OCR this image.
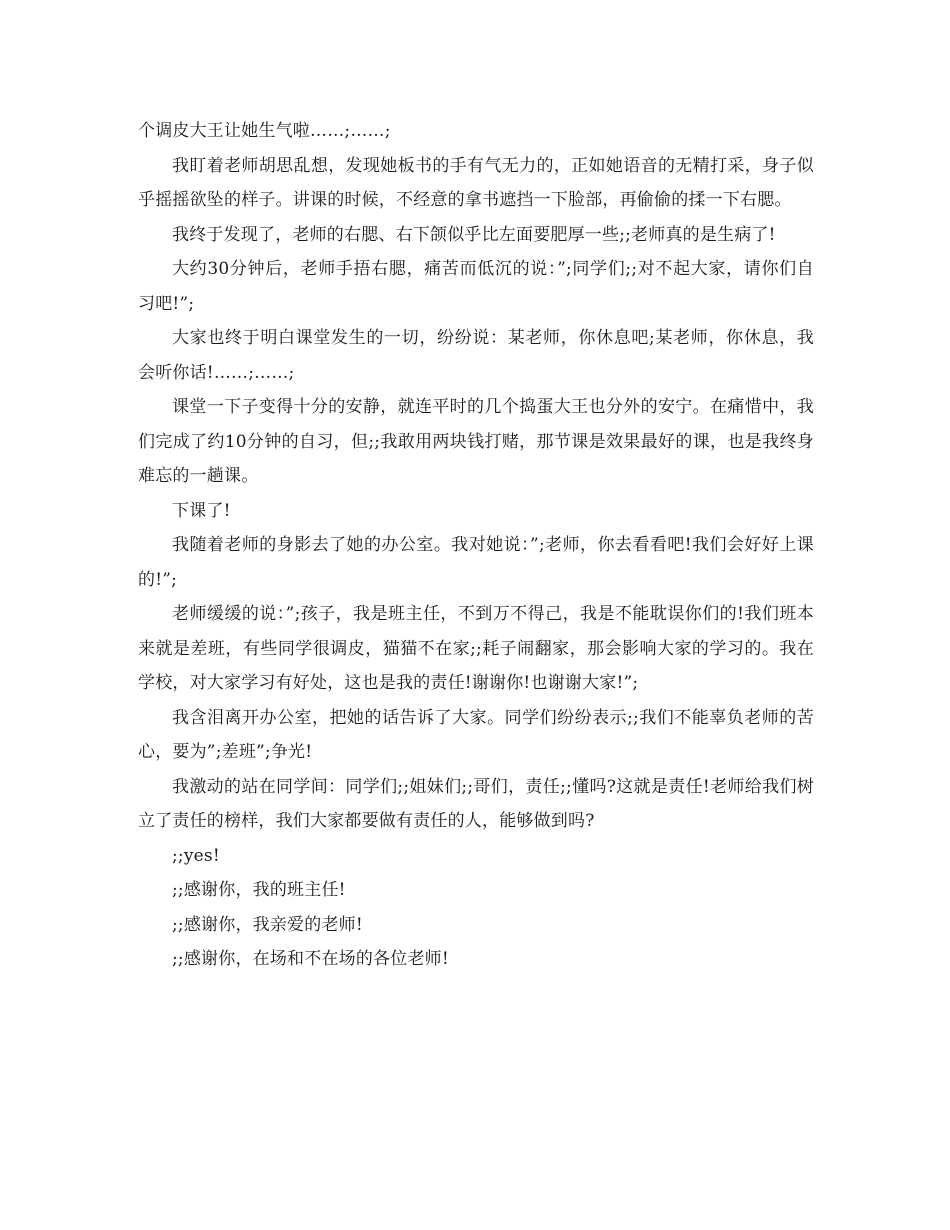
个调皮大王让她生气啦……;……;

我盯着老师胡思乱想，发现她板书的手有气无力的，正如她语音的无精打采，身子似乎摇摇欲坠的样子。讲课的时候，不经意的拿书遮挡一下脸部，再偷偷的揉一下右腮。

我终于发现了，老师的右腮、右下颌似乎比左面要肥厚一些;;老师真的是生病了!

大约30分钟后，老师手捂右腮，痛苦而低沉的说：”;同学们;;对不起大家，请你们自习吧!”;

大家也终于明白课堂发生的一切，纷纷说：某老师，你休息吧;某老师，你休息，我会听你话!……;……;

课堂一下子变得十分的安静，就连平时的几个捣蛋大王也分外的安宁。在痛惜中，我们完成了约10分钟的自习，但;;我敢用两块钱打赌，那节课是效果最好的课，也是我终身难忘的一趟课。

下课了!

我随着老师的身影去了她的办公室。我对她说：”;老师，你去看看吧!我们会好好上课的!”;

老师缓缓的说：”;孩子，我是班主任，不到万不得己，我是不能耽误你们的!我们班本来就是差班，有些同学很调皮，猫猫不在家;;耗子闹翻家，那会影响大家的学习的。我在学校，对大家学习有好处，这也是我的责任!谢谢你!也谢谢大家!”;

我含泪离开办公室，把她的话告诉了大家。同学们纷纷表示;;我们不能辜负老师的苦心，要为”;差班”;争光!

我激动的站在同学间：同学们;;姐妹们;;哥们，责任;;懂吗?这就是责任!老师给我们树立了责任的榜样，我们大家都要做有责任的人，能够做到吗?

;;yes!

;;感谢你，我的班主任!

;;感谢你，我亲爱的老师!

;;感谢你，在场和不在场的各位老师!
